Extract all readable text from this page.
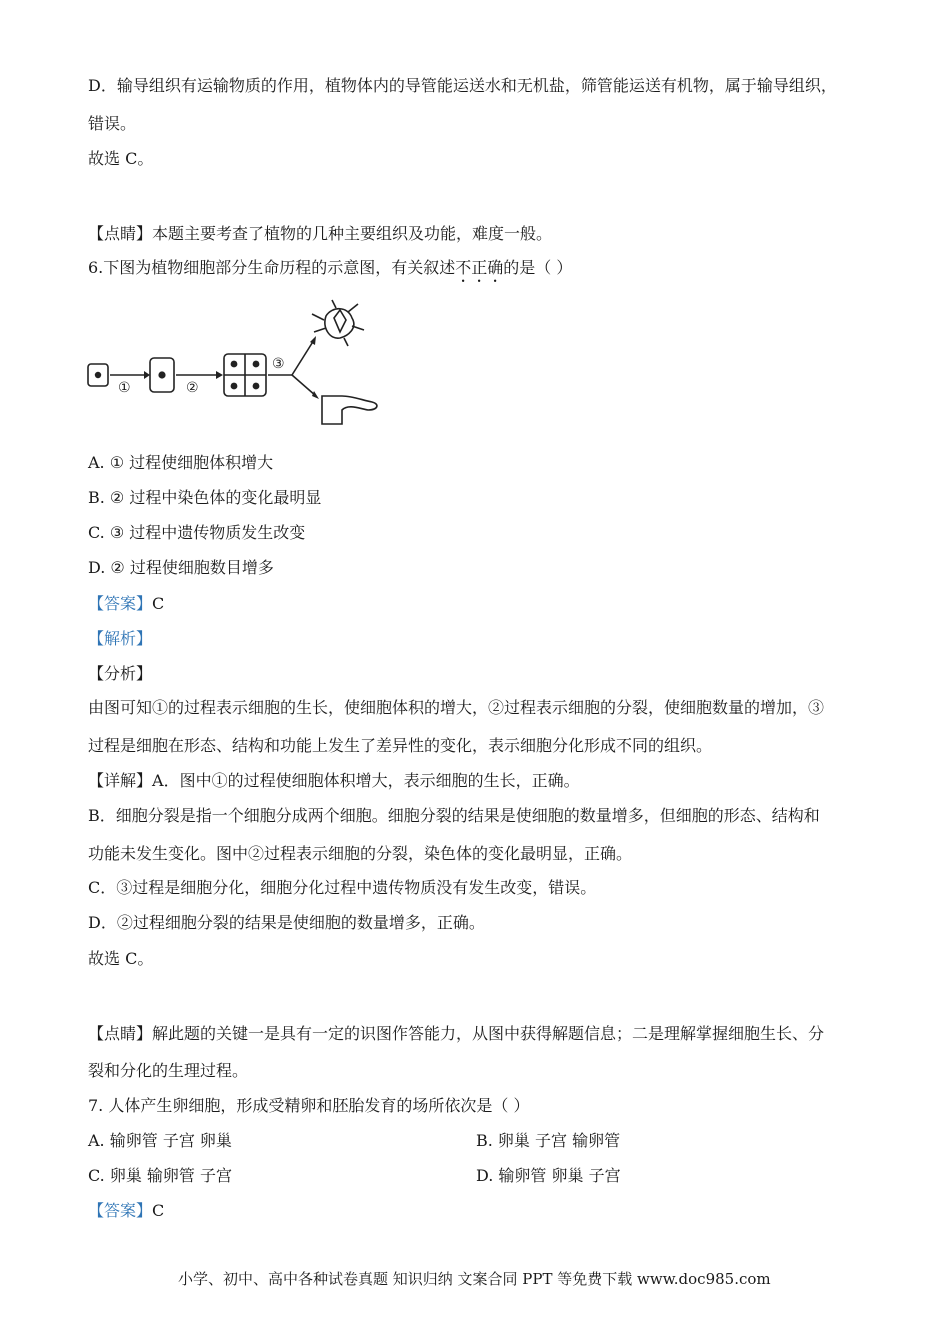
D．输导组织有运输物质的作用，植物体内的导管能运送水和无机盐，筛管能运送有机物，属于输导组织，
错误。
故选 C。
【点睛】本题主要考查了植物的几种主要组织及功能，难度一般。
6.下图为植物细胞部分生命历程的示意图，有关叙述不正确的是（ ）
①	②
③
A. ① 过程使细胞体积增大
B. ② 过程中染色体的变化最明显
C. ③ 过程中遗传物质发生改变
D. ② 过程使细胞数目增多
【答案】C
【解析】
【分析】
由图可知①的过程表示细胞的生长，使细胞体积的增大，②过程表示细胞的分裂，使细胞数量的增加，③
过程是细胞在形态、结构和功能上发生了差异性的变化，表示细胞分化形成不同的组织。
【详解】A．图中①的过程使细胞体积增大，表示细胞的生长，正确。
B．细胞分裂是指一个细胞分成两个细胞。细胞分裂的结果是使细胞的数量增多，但细胞的形态、结构和
功能未发生变化。图中②过程表示细胞的分裂，染色体的变化最明显，正确。
C．③过程是细胞分化，细胞分化过程中遗传物质没有发生改变，错误。
D．②过程细胞分裂的结果是使细胞的数量增多，正确。
故选 C。
【点睛】解此题的关键一是具有一定的识图作答能力，从图中获得解题信息；二是理解掌握细胞生长、分
裂和分化的生理过程。
7. 人体产生卵细胞，形成受精卵和胚胎发育的场所依次是（ ）
A. 输卵管 子宫 卵巢	B. 卵巢 子宫 输卵管
C. 卵巢 输卵管 子宫	D. 输卵管 卵巢 子宫
【答案】C
小学、初中、高中各种试卷真题 知识归纳 文案合同 PPT 等免费下载 www.doc985.com
